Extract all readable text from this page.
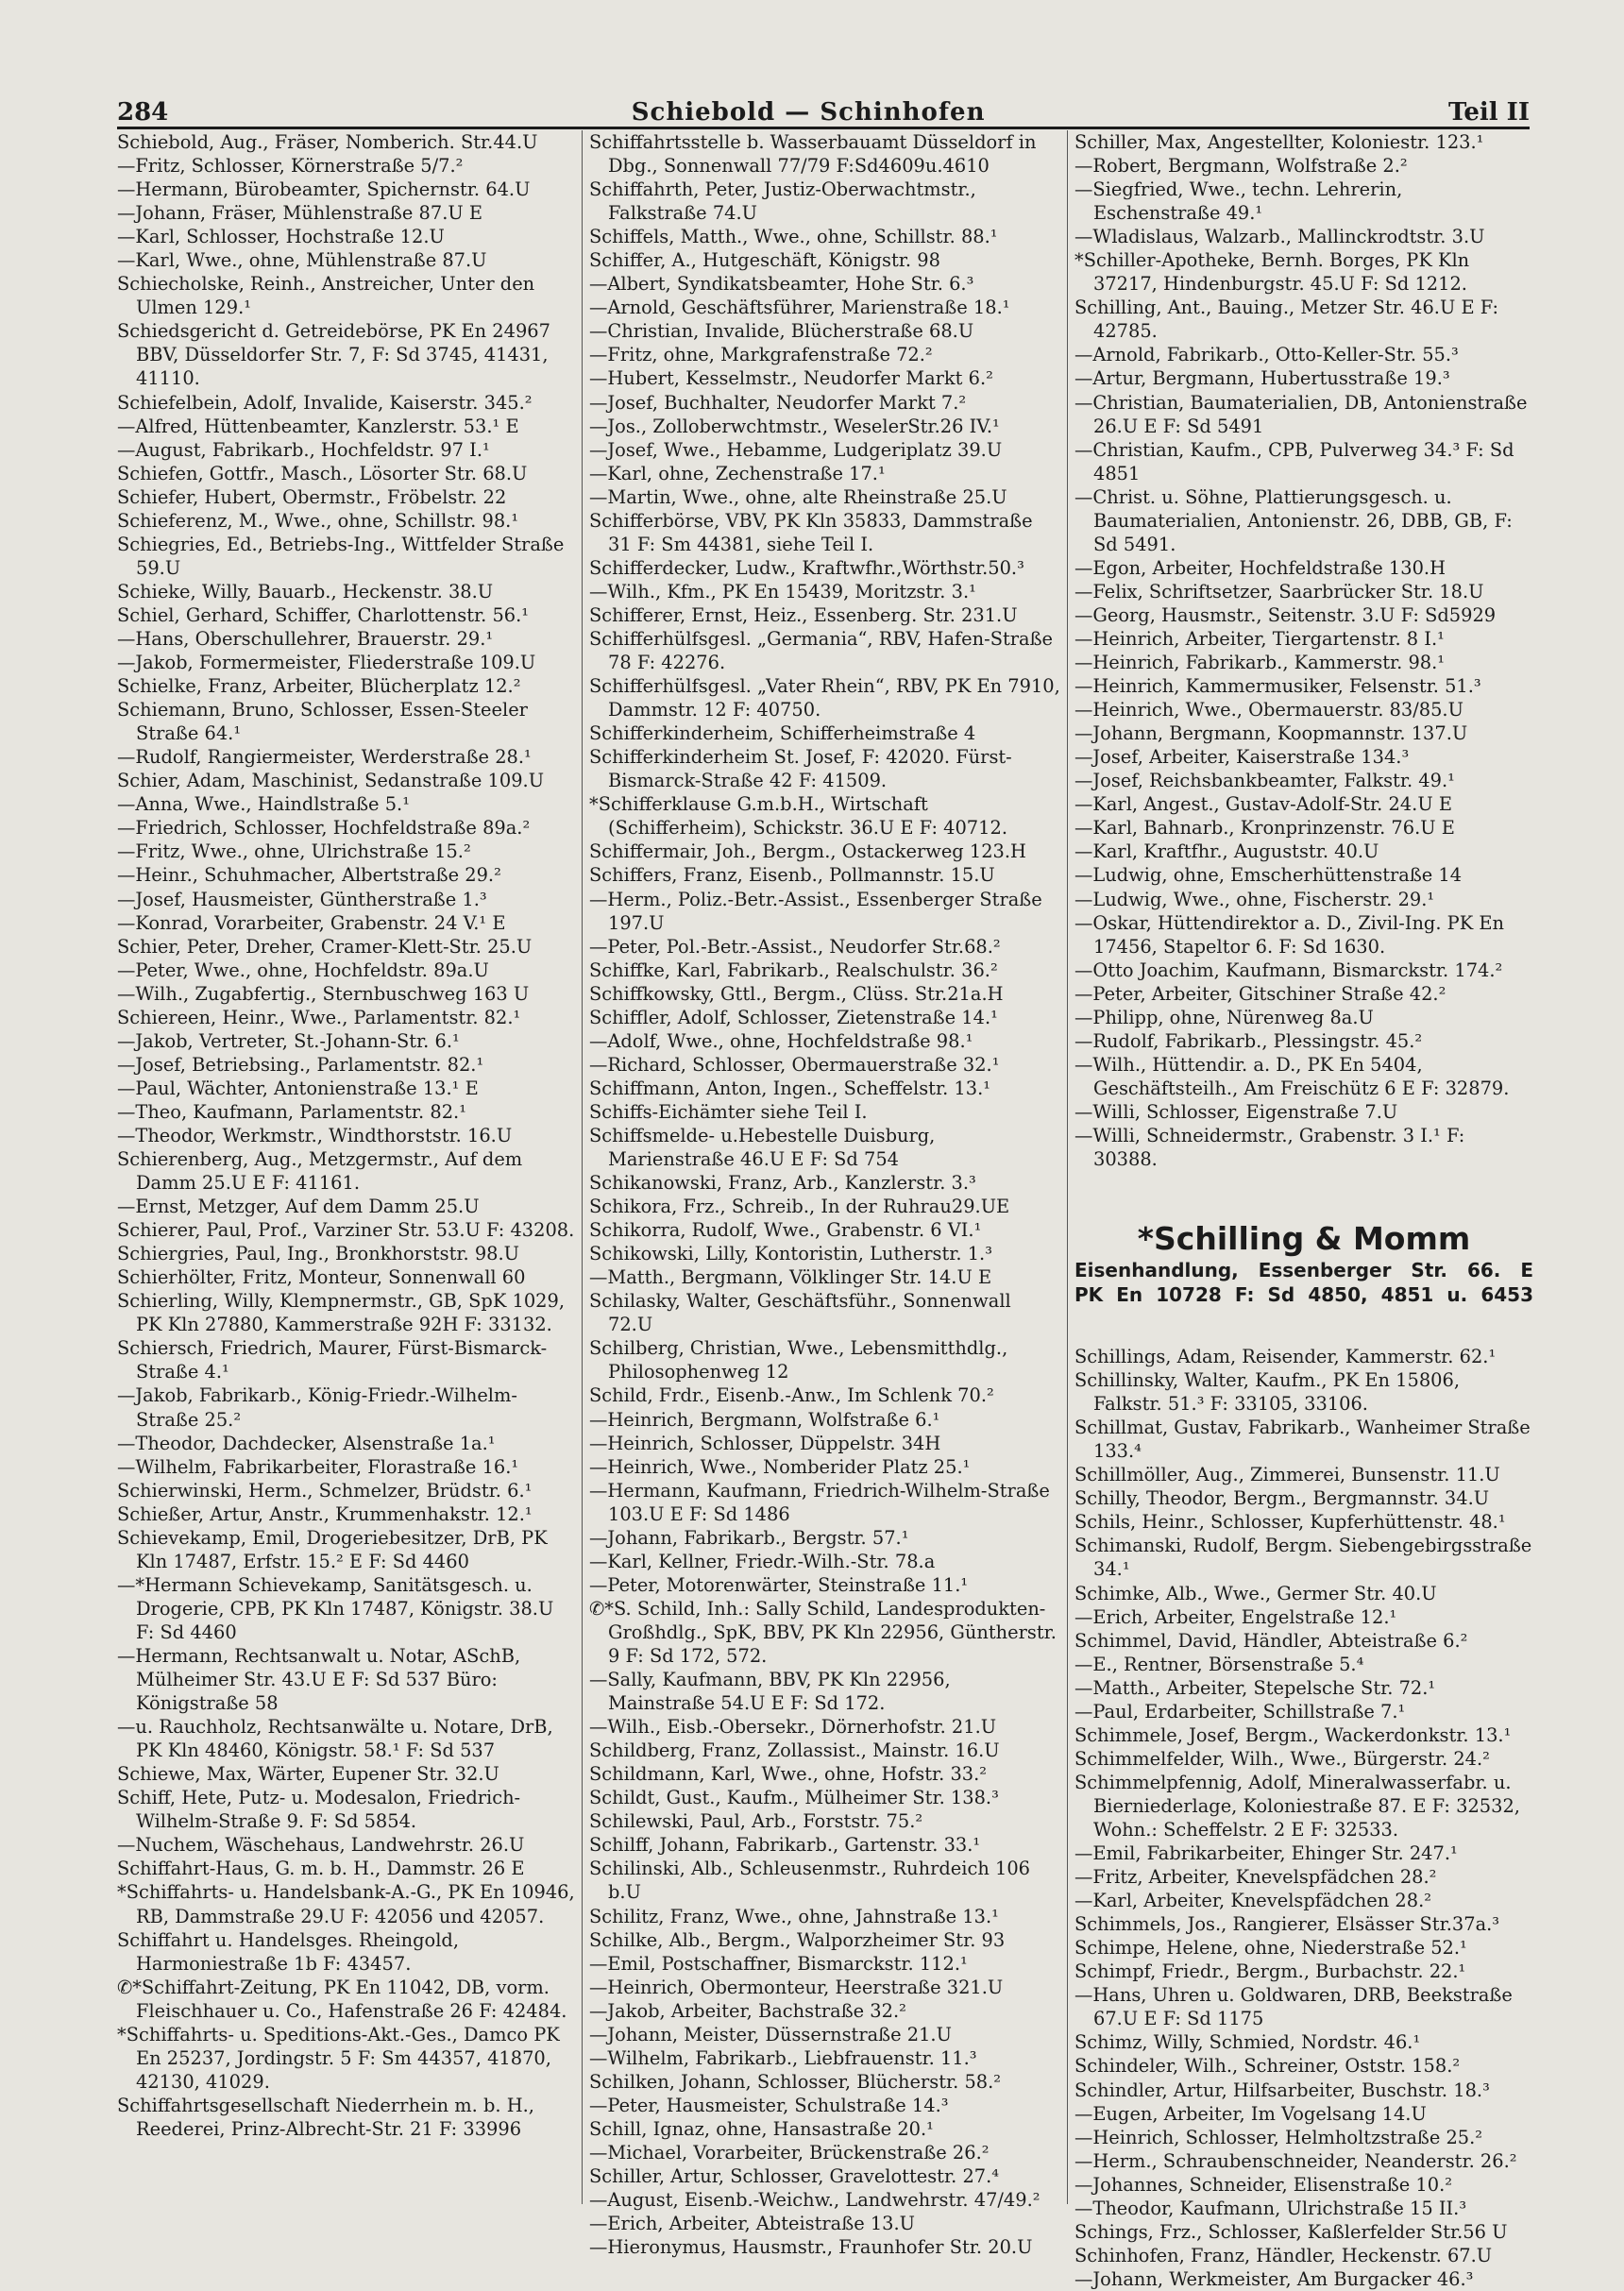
284	Schiebold — Schinhofen	Teil II

Schiebold, Aug., Fräser, Nomberich. Str.44.U

—Fritz, Schlosser, Körnerstraße 5/7.²

—Hermann, Bürobeamter, Spichernstr. 64.U

—Johann, Fräser, Mühlenstraße 87.U E

—Karl, Schlosser, Hochstraße 12.U

—Karl, Wwe., ohne, Mühlenstraße 87.U

Schiecholske, Reinh., Anstreicher, Unter den Ulmen 129.¹

Schiedsgericht d. Getreidebörse, PK En 24967 BBV, Düsseldorfer Str. 7, F: Sd 3745, 41431, 41110.

Schiefelbein, Adolf, Invalide, Kaiserstr. 345.²

—Alfred, Hüttenbeamter, Kanzlerstr. 53.¹ E

—August, Fabrikarb., Hochfeldstr. 97 I.¹

Schiefen, Gottfr., Masch., Lösorter Str. 68.U

Schiefer, Hubert, Obermstr., Fröbelstr. 22

Schieferenz, M., Wwe., ohne, Schillstr. 98.¹

Schiegries, Ed., Betriebs-Ing., Wittfelder Straße 59.U

Schieke, Willy, Bauarb., Heckenstr. 38.U

Schiel, Gerhard, Schiffer, Charlottenstr. 56.¹

—Hans, Oberschullehrer, Brauerstr. 29.¹

—Jakob, Formermeister, Fliederstraße 109.U

Schielke, Franz, Arbeiter, Blücherplatz 12.²

Schiemann, Bruno, Schlosser, Essen-Steeler Straße 64.¹

—Rudolf, Rangiermeister, Werderstraße 28.¹

Schier, Adam, Maschinist, Sedanstraße 109.U

—Anna, Wwe., Haindlstraße 5.¹

—Friedrich, Schlosser, Hochfeldstraße 89a.²

—Fritz, Wwe., ohne, Ulrichstraße 15.²

—Heinr., Schuhmacher, Albertstraße 29.²

—Josef, Hausmeister, Güntherstraße 1.³

—Konrad, Vorarbeiter, Grabenstr. 24 V.¹ E

Schier, Peter, Dreher, Cramer-Klett-Str. 25.U

—Peter, Wwe., ohne, Hochfeldstr. 89a.U

—Wilh., Zugabfertig., Sternbuschweg 163 U

Schiereen, Heinr., Wwe., Parlamentstr. 82.¹

—Jakob, Vertreter, St.-Johann-Str. 6.¹

—Josef, Betriebsing., Parlamentstr. 82.¹

—Paul, Wächter, Antonienstraße 13.¹ E

—Theo, Kaufmann, Parlamentstr. 82.¹

—Theodor, Werkmstr., Windthorststr. 16.U

Schierenberg, Aug., Metzgermstr., Auf dem Damm 25.U E F: 41161.

—Ernst, Metzger, Auf dem Damm 25.U

Schierer, Paul, Prof., Varziner Str. 53.U F: 43208.

Schiergries, Paul, Ing., Bronkhorststr. 98.U

Schierhölter, Fritz, Monteur, Sonnenwall 60

Schierling, Willy, Klempnermstr., GB, SpK 1029, PK Kln 27880, Kammerstraße 92H F: 33132.

Schiersch, Friedrich, Maurer, Fürst-Bismarck-Straße 4.¹

—Jakob, Fabrikarb., König-Friedr.-Wilhelm-Straße 25.²

—Theodor, Dachdecker, Alsenstraße 1a.¹

—Wilhelm, Fabrikarbeiter, Florastraße 16.¹

Schierwinski, Herm., Schmelzer, Brüdstr. 6.¹

Schießer, Artur, Anstr., Krummenhakstr. 12.¹

Schievekamp, Emil, Drogeriebesitzer, DrB, PK Kln 17487, Erfstr. 15.² E F: Sd 4460

—*Hermann Schievekamp, Sanitätsgesch. u. Drogerie, CPB, PK Kln 17487, Königstr. 38.U F: Sd 4460

—Hermann, Rechtsanwalt u. Notar, ASchB, Mülheimer Str. 43.U E F: Sd 537 Büro: Königstraße 58

—u. Rauchholz, Rechtsanwälte u. Notare, DrB, PK Kln 48460, Königstr. 58.¹ F: Sd 537

Schiewe, Max, Wärter, Eupener Str. 32.U

Schiff, Hete, Putz- u. Modesalon, Friedrich-Wilhelm-Straße 9. F: Sd 5854.

—Nuchem, Wäschehaus, Landwehrstr. 26.U

Schiffahrt-Haus, G. m. b. H., Dammstr. 26 E

*Schiffahrts- u. Handelsbank-A.-G., PK En 10946, RB, Dammstraße 29.U F: 42056 und 42057.

Schiffahrt u. Handelsges. Rheingold, Harmoniestraße 1b F: 43457.

✆*Schiffahrt-Zeitung, PK En 11042, DB, vorm. Fleischhauer u. Co., Hafenstraße 26 F: 42484.

*Schiffahrts- u. Speditions-Akt.-Ges., Damco PK En 25237, Jordingstr. 5 F: Sm 44357, 41870, 42130, 41029.

Schiffahrtsgesellschaft Niederrhein m. b. H., Reederei, Prinz-Albrecht-Str. 21 F: 33996

Schiffahrtsstelle b. Wasserbauamt Düsseldorf in Dbg., Sonnenwall 77/79 F:Sd4609u.4610

Schiffahrth, Peter, Justiz-Oberwachtmstr., Falkstraße 74.U

Schiffels, Matth., Wwe., ohne, Schillstr. 88.¹

Schiffer, A., Hutgeschäft, Königstr. 98

—Albert, Syndikatsbeamter, Hohe Str. 6.³

—Arnold, Geschäftsführer, Marienstraße 18.¹

—Christian, Invalide, Blücherstraße 68.U

—Fritz, ohne, Markgrafenstraße 72.²

—Hubert, Kesselmstr., Neudorfer Markt 6.²

—Josef, Buchhalter, Neudorfer Markt 7.²

—Jos., Zolloberwchtmstr., WeselerStr.26 IV.¹

—Josef, Wwe., Hebamme, Ludgeriplatz 39.U

—Karl, ohne, Zechenstraße 17.¹

—Martin, Wwe., ohne, alte Rheinstraße 25.U

Schifferbörse, VBV, PK Kln 35833, Dammstraße 31 F: Sm 44381, siehe Teil I.

Schifferdecker, Ludw., Kraftwfhr.,Wörthstr.50.³

—Wilh., Kfm., PK En 15439, Moritzstr. 3.¹

Schifferer, Ernst, Heiz., Essenberg. Str. 231.U

Schifferhülfsgesl. „Germania“, RBV, Hafen-Straße 78 F: 42276.

Schifferhülfsgesl. „Vater Rhein“, RBV, PK En 7910, Dammstr. 12 F: 40750.

Schifferkinderheim, Schifferheimstraße 4

Schifferkinderheim St. Josef, F: 42020. Fürst-Bismarck-Straße 42 F: 41509.

*Schifferklause G.m.b.H., Wirtschaft (Schifferheim), Schickstr. 36.U E F: 40712.

Schiffermair, Joh., Bergm., Ostackerweg 123.H

Schiffers, Franz, Eisenb., Pollmannstr. 15.U

—Herm., Poliz.-Betr.-Assist., Essenberger Straße 197.U

—Peter, Pol.-Betr.-Assist., Neudorfer Str.68.²

Schiffke, Karl, Fabrikarb., Realschulstr. 36.²

Schiffkowsky, Gttl., Bergm., Clüss. Str.21a.H

Schiffler, Adolf, Schlosser, Zietenstraße 14.¹

—Adolf, Wwe., ohne, Hochfeldstraße 98.¹

—Richard, Schlosser, Obermauerstraße 32.¹

Schiffmann, Anton, Ingen., Scheffelstr. 13.¹

Schiffs-Eichämter siehe Teil I.

Schiffsmelde- u.Hebestelle Duisburg, Marienstraße 46.U E F: Sd 754

Schikanowski, Franz, Arb., Kanzlerstr. 3.³

Schikora, Frz., Schreib., In der Ruhrau29.UE

Schikorra, Rudolf, Wwe., Grabenstr. 6 VI.¹

Schikowski, Lilly, Kontoristin, Lutherstr. 1.³

—Matth., Bergmann, Völklinger Str. 14.U E

Schilasky, Walter, Geschäftsführ., Sonnenwall 72.U

Schilberg, Christian, Wwe., Lebensmitthdlg., Philosophenweg 12

Schild, Frdr., Eisenb.-Anw., Im Schlenk 70.²

—Heinrich, Bergmann, Wolfstraße 6.¹

—Heinrich, Schlosser, Düppelstr. 34H

—Heinrich, Wwe., Nomberider Platz 25.¹

—Hermann, Kaufmann, Friedrich-Wilhelm-Straße 103.U E F: Sd 1486

—Johann, Fabrikarb., Bergstr. 57.¹

—Karl, Kellner, Friedr.-Wilh.-Str. 78.a

—Peter, Motorenwärter, Steinstraße 11.¹

✆*S. Schild, Inh.: Sally Schild, Landesprodukten-Großhdlg., SpK, BBV, PK Kln 22956, Güntherstr. 9 F: Sd 172, 572.

—Sally, Kaufmann, BBV, PK Kln 22956, Mainstraße 54.U E F: Sd 172.

—Wilh., Eisb.-Obersekr., Dörnerhofstr. 21.U

Schildberg, Franz, Zollassist., Mainstr. 16.U

Schildmann, Karl, Wwe., ohne, Hofstr. 33.²

Schildt, Gust., Kaufm., Mülheimer Str. 138.³

Schilewski, Paul, Arb., Forststr. 75.²

Schilff, Johann, Fabrikarb., Gartenstr. 33.¹

Schilinski, Alb., Schleusenmstr., Ruhrdeich 106 b.U

Schilitz, Franz, Wwe., ohne, Jahnstraße 13.¹

Schilke, Alb., Bergm., Walporzheimer Str. 93

—Emil, Postschaffner, Bismarckstr. 112.¹

—Heinrich, Obermonteur, Heerstraße 321.U

—Jakob, Arbeiter, Bachstraße 32.²

—Johann, Meister, Düssernstraße 21.U

—Wilhelm, Fabrikarb., Liebfrauenstr. 11.³

Schilken, Johann, Schlosser, Blücherstr. 58.²

—Peter, Hausmeister, Schulstraße 14.³

Schill, Ignaz, ohne, Hansastraße 20.¹

—Michael, Vorarbeiter, Brückenstraße 26.²

Schiller, Artur, Schlosser, Gravelottestr. 27.⁴

—August, Eisenb.-Weichw., Landwehrstr. 47/49.²

—Erich, Arbeiter, Abteistraße 13.U

—Hieronymus, Hausmstr., Fraunhofer Str. 20.U

Schiller, Max, Angestellter, Koloniestr. 123.¹

—Robert, Bergmann, Wolfstraße 2.²

—Siegfried, Wwe., techn. Lehrerin, Eschenstraße 49.¹

—Wladislaus, Walzarb., Mallinckrodtstr. 3.U

*Schiller-Apotheke, Bernh. Borges, PK Kln 37217, Hindenburgstr. 45.U F: Sd 1212.

Schilling, Ant., Bauing., Metzer Str. 46.U E F: 42785.

—Arnold, Fabrikarb., Otto-Keller-Str. 55.³

—Artur, Bergmann, Hubertusstraße 19.³

—Christian, Baumaterialien, DB, Antonienstraße 26.U E F: Sd 5491

—Christian, Kaufm., CPB, Pulverweg 34.³ F: Sd 4851

—Christ. u. Söhne, Plattierungsgesch. u. Baumaterialien, Antonienstr. 26, DBB, GB, F: Sd 5491.

—Egon, Arbeiter, Hochfeldstraße 130.H

—Felix, Schriftsetzer, Saarbrücker Str. 18.U

—Georg, Hausmstr., Seitenstr. 3.U F: Sd5929

—Heinrich, Arbeiter, Tiergartenstr. 8 I.¹

—Heinrich, Fabrikarb., Kammerstr. 98.¹

—Heinrich, Kammermusiker, Felsenstr. 51.³

—Heinrich, Wwe., Obermauerstr. 83/85.U

—Johann, Bergmann, Koopmannstr. 137.U

—Josef, Arbeiter, Kaiserstraße 134.³

—Josef, Reichsbankbeamter, Falkstr. 49.¹

—Karl, Angest., Gustav-Adolf-Str. 24.U E

—Karl, Bahnarb., Kronprinzenstr. 76.U E

—Karl, Kraftfhr., Auguststr. 40.U

—Ludwig, ohne, Emscherhüttenstraße 14

—Ludwig, Wwe., ohne, Fischerstr. 29.¹

—Oskar, Hüttendirektor a. D., Zivil-Ing. PK En 17456, Stapeltor 6. F: Sd 1630.

—Otto Joachim, Kaufmann, Bismarckstr. 174.²

—Peter, Arbeiter, Gitschiner Straße 42.²

—Philipp, ohne, Nürenweg 8a.U

—Rudolf, Fabrikarb., Plessingstr. 45.²

—Wilh., Hüttendir. a. D., PK En 5404, Geschäftsteilh., Am Freischütz 6 E F: 32879.

—Willi, Schlosser, Eigenstraße 7.U

—Willi, Schneidermstr., Grabenstr. 3 I.¹ F: 30388.

*Schilling & Momm
Eisenhandlung, Essenberger Str. 66. E
PK En 10728 F: Sd 4850, 4851 u. 6453

Schillings, Adam, Reisender, Kammerstr. 62.¹

Schillinsky, Walter, Kaufm., PK En 15806, Falkstr. 51.³ F: 33105, 33106.

Schillmat, Gustav, Fabrikarb., Wanheimer Straße 133.⁴

Schillmöller, Aug., Zimmerei, Bunsenstr. 11.U

Schilly, Theodor, Bergm., Bergmannstr. 34.U

Schils, Heinr., Schlosser, Kupferhüttenstr. 48.¹

Schimanski, Rudolf, Bergm. Siebengebirgsstraße 34.¹

Schimke, Alb., Wwe., Germer Str. 40.U

—Erich, Arbeiter, Engelstraße 12.¹

Schimmel, David, Händler, Abteistraße 6.²

—E., Rentner, Börsenstraße 5.⁴

—Matth., Arbeiter, Stepelsche Str. 72.¹

—Paul, Erdarbeiter, Schillstraße 7.¹

Schimmele, Josef, Bergm., Wackerdonkstr. 13.¹

Schimmelfelder, Wilh., Wwe., Bürgerstr. 24.²

Schimmelpfennig, Adolf, Mineralwasserfabr. u. Bierniederlage, Koloniestraße 87. E F: 32532, Wohn.: Scheffelstr. 2 E F: 32533.

—Emil, Fabrikarbeiter, Ehinger Str. 247.¹

—Fritz, Arbeiter, Knevelspfädchen 28.²

—Karl, Arbeiter, Knevelspfädchen 28.²

Schimmels, Jos., Rangierer, Elsässer Str.37a.³

Schimpe, Helene, ohne, Niederstraße 52.¹

Schimpf, Friedr., Bergm., Burbachstr. 22.¹

—Hans, Uhren u. Goldwaren, DRB, Beekstraße 67.U E F: Sd 1175

Schimz, Willy, Schmied, Nordstr. 46.¹

Schindeler, Wilh., Schreiner, Oststr. 158.²

Schindler, Artur, Hilfsarbeiter, Buschstr. 18.³

—Eugen, Arbeiter, Im Vogelsang 14.U

—Heinrich, Schlosser, Helmholtzstraße 25.²

—Herm., Schraubenschneider, Neanderstr. 26.²

—Johannes, Schneider, Elisenstraße 10.²

—Theodor, Kaufmann, Ulrichstraße 15 II.³

Schings, Frz., Schlosser, Kaßlerfelder Str.56 U

Schinhofen, Franz, Händler, Heckenstr. 67.U

—Johann, Werkmeister, Am Burgacker 46.³
